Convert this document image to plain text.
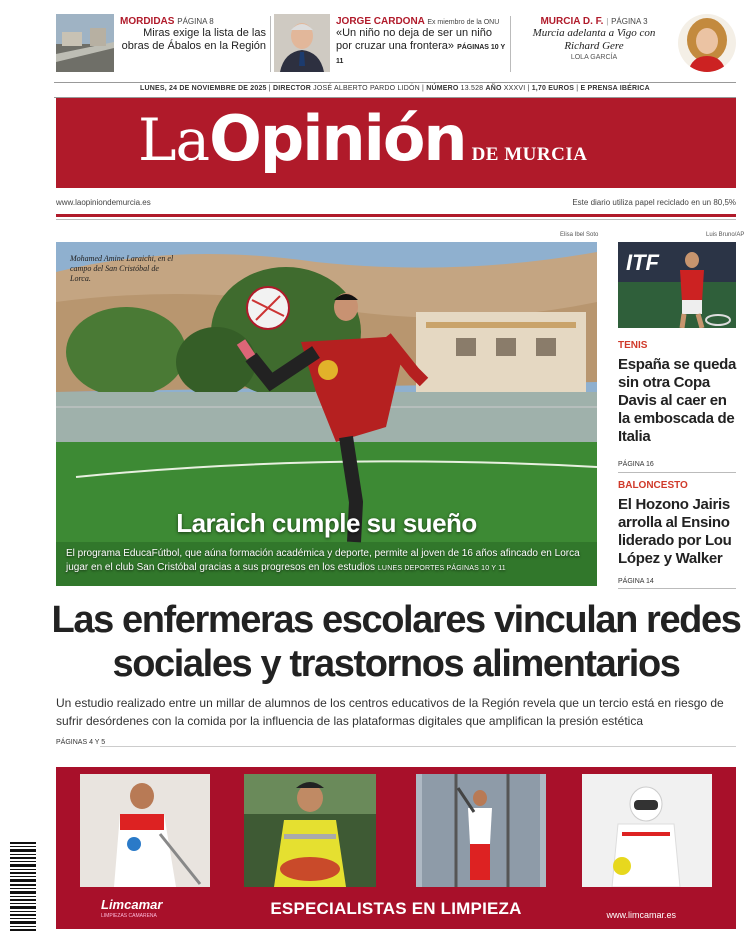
MORDIDAS PÁGINA 8
Miras exige la lista de las obras de Ábalos en la Región
JORGE CARDONA Ex miembro de la ONU
«Un niño no deja de ser un niño por cruzar una frontera» PÁGINAS 10 Y 11
MURCIA D. F. | PÁGINA 3
Murcia adelanta a Vigo con Richard Gere
LOLA GARCÍA
LUNES, 24 DE NOVIEMBRE DE 2025 | DIRECTOR JOSÉ ALBERTO PARDO LIDÓN | NÚMERO 13.528 AÑO XXXVI | 1,70 EUROS | E PRENSA IBÉRICA
LaOpinión DE MURCIA
www.laopiniondemurcia.es	Este diario utiliza papel reciclado en un 80,5%
Elisa Ibel Soto
Mohamed Amine Laraichi, en el campo del San Cristóbal de Lorca.
Laraich cumple su sueño
El programa EducaFútbol, que aúna formación académica y deporte, permite al joven de 16 años afincado en Lorca jugar en el club San Cristóbal gracias a sus progresos en los estudios LUNES DEPORTES PÁGINAS 10 Y 11
Luis Bruno/AP
ITF
TENIS
España se queda sin otra Copa Davis al caer en la emboscada de Italia
PÁGINA 16
BALONCESTO
El Hozono Jairis arrolla al Ensino liderado por Lou López y Walker
PÁGINA 14
Las enfermeras escolares vinculan redes sociales y trastornos alimentarios
Un estudio realizado entre un millar de alumnos de los centros educativos de la Región revela que un tercio está en riesgo de sufrir desórdenes con la comida por la influencia de las plataformas digitales que amplifican la presión estética
PÁGINAS 4 Y 5
Limcamar
LIMPIEZAS CAMARENA	ESPECIALISTAS EN LIMPIEZA	www.limcamar.es
